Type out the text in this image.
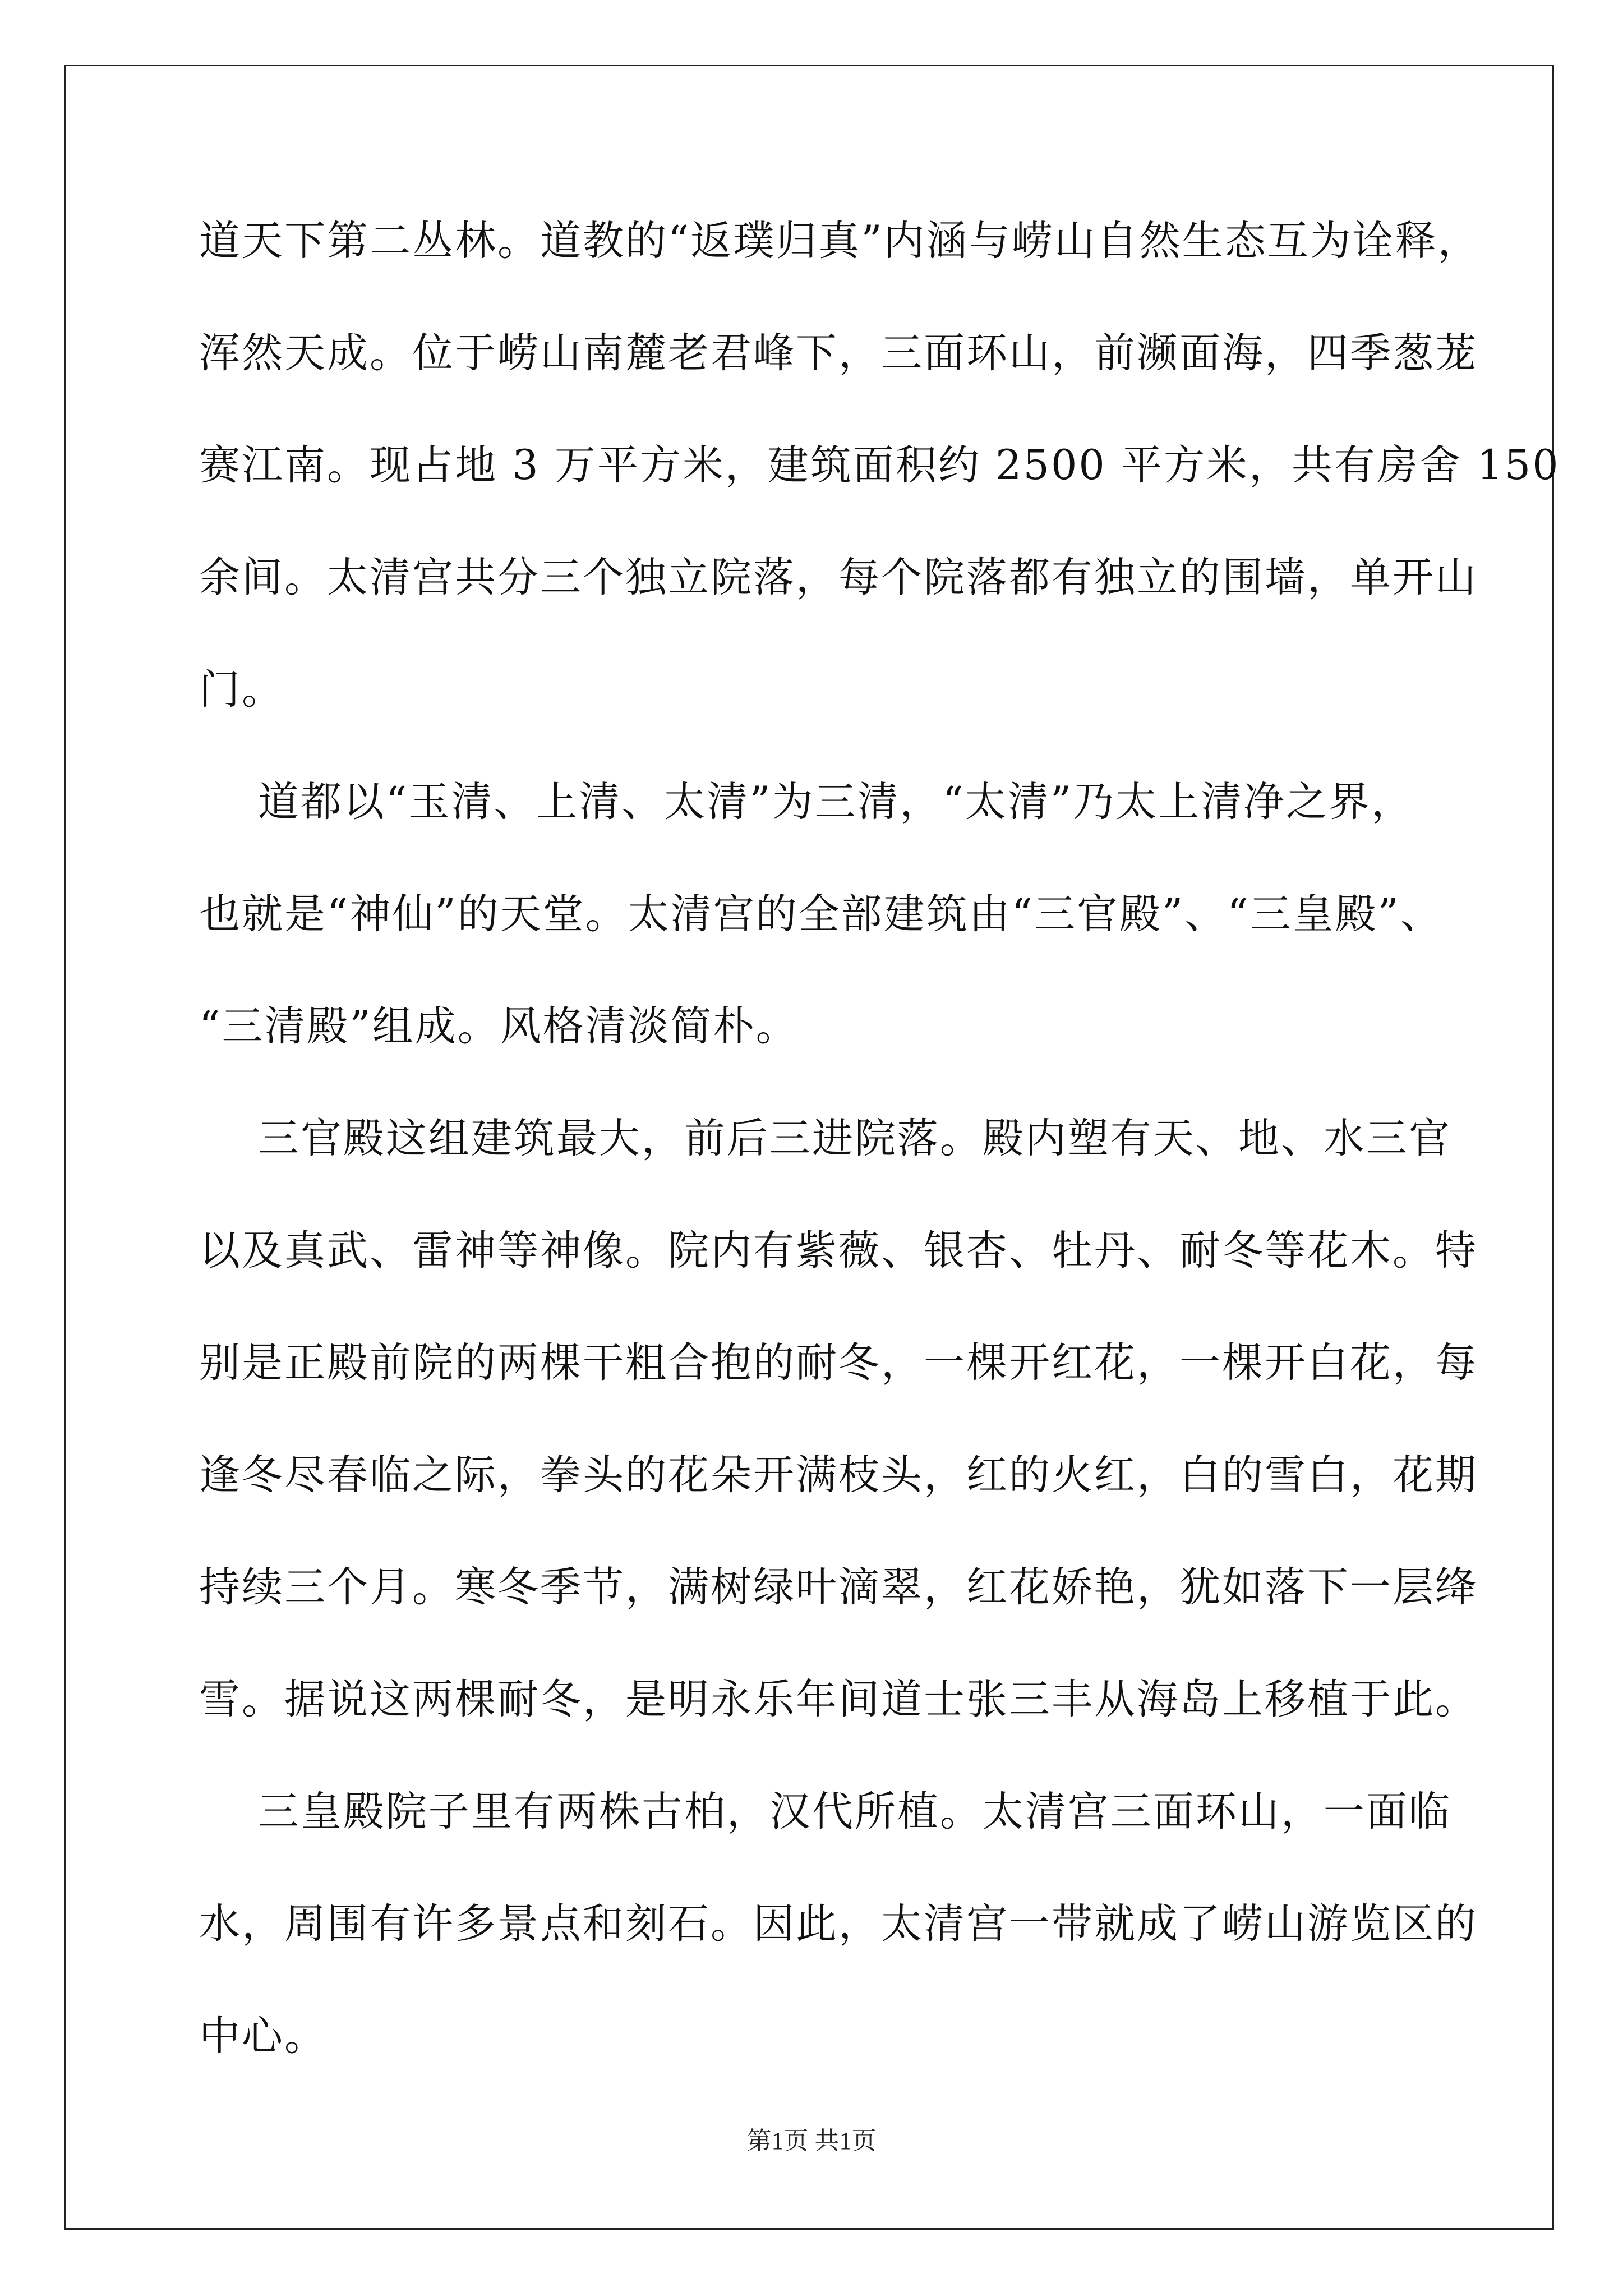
道天下第二丛林。道教的“返璞归真”内涵与崂山自然生态互为诠释，
浑然天成。位于崂山南麓老君峰下，三面环山，前濒面海，四季葱茏
赛江南。现占地 3 万平方米，建筑面积约 2500 平方米，共有房舍 150
余间。太清宫共分三个独立院落，每个院落都有独立的围墙，单开山
门。
道都以“玉清、上清、太清”为三清，“太清”乃太上清净之界，
也就是“神仙”的天堂。太清宫的全部建筑由“三官殿”、“三皇殿”、
“三清殿”组成。风格清淡简朴。
三官殿这组建筑最大，前后三进院落。殿内塑有天、地、水三官
以及真武、雷神等神像。院内有紫薇、银杏、牡丹、耐冬等花木。特
别是正殿前院的两棵干粗合抱的耐冬，一棵开红花，一棵开白花，每
逢冬尽春临之际，拳头的花朵开满枝头，红的火红，白的雪白，花期
持续三个月。寒冬季节，满树绿叶滴翠，红花娇艳，犹如落下一层绛
雪。据说这两棵耐冬，是明永乐年间道士张三丰从海岛上移植于此。
三皇殿院子里有两株古柏，汉代所植。太清宫三面环山，一面临
水，周围有许多景点和刻石。因此，太清宫一带就成了崂山游览区的
中心。
第1页 共1页
